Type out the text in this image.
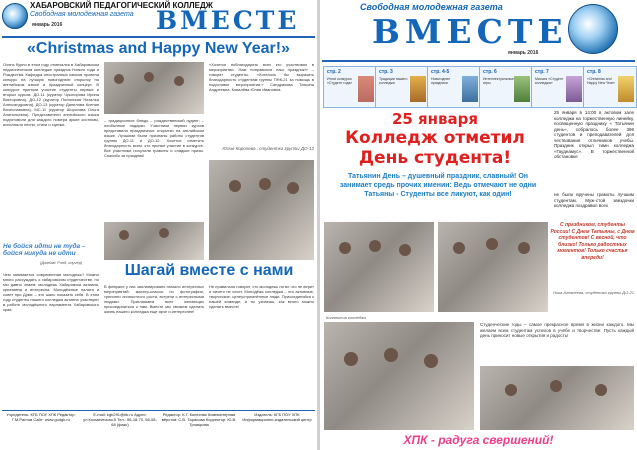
ХАБАРОВСКИЙ ПЕДАГОГИЧЕСКИЙ КОЛЛЕДЖ
Свободная молодежная газета ВМЕСТЕ
январь 2016
«Christmas and Happy New Year!»
Очень бурно в этом году отмечался в Хабаровском педагогическом колледже праздник Нового года и Рождества. Кафедра иностранных языков провела конкурс на лучшую новогоднюю открытку на английском языке и праздничный концерт. В конкурсе приняли участие студенты первых и вторых курсов. ДО-11 (куратор Чукогорова Ирина Викторовна), ДО-12 (куратор Полянская Наталья Александровна), ДО-13 (куратор Данилова Ксения Вячеславовна), МС-11 (куратор Шорохова Ольга Анатольевна). Представители английского языка подготовили для каждого номера яркие костюмы, исполняли песни, стихи и сценки.
– традиционное блюдо – рождественский пудинг; – необычные подарки. Участники первых курсов представили праздничные открытки на английском языке. Лучшими были признаны работы студентов группы ДО-11 и ДО-12. Хочется отметить благодарность всем, кто принял участие в конкурсе. Все участники получили грамоты и сладкие призы. Спасибо за праздник!
«Хочется поблагодарить всех кто участвовал в мероприятии. Нам понравился наш праздник!» – говорят студенты. «Хотелось бы выразить благодарность студентам группы ПНК-21 за помощь в подготовке мероприятия.» Сандрикова Татьяна Андреевна, Ковалёва Юлия Ивановна.
Юлия Королева , студентка группы ДО-12
Не бойся идти не туда – бойся никуда не идти
(Джеймс Рэнд, коучер)	Шагай вместе с нами
Чем занимается современная молодежь? Можно много рассуждать о хабаровском студенчестве, но мы давно знаем: молодежь Хабаровска активна, креативна и интересна. Молодёжные палата и совет при Думе – это шанс показать себя. В этом году студенты нашего колледжа активно участвуют в работе молодёжного парламента Хабаровского края.
В феврале у нас запланировано немало интересных мероприятий: мастер-классы по фотографии, тренинги личностного роста, встречи с интересными людьми. Приглашаем всех желающих присоединиться к нам. Вместе мы сможем сделать жизнь нашего колледжа еще ярче и интереснее!
Не правильно говорят, что молодежь ни во что не верит и ничего не хочет. Молодёжь колледжа – это активные, творческие, целеустремлённые люди. Присоединяйся к нашей команде, и ты узнаешь, как много можно сделать вместе!
Учредитель: КГБ ПОУ ХПК Редактор: Г.М.Растов Сайт: www.gudgk.ru
E-mail: kgb291@bk.ru Адрес: ул.Космическая,5 Тел.: 56-18-70, 56-08-68 (факс)
Редактор: К.Г. Колесник Компьютерная вёрстка: С.В. Тарасова Корректор: Ю.В. Троицкова
Издатель: КГБ ПОУ ХПК Информационно-издательский центр
Свободная молодежная газета
ВМЕСТЕ
январь 2016
стр. 2
Итоги конкурса «Студент года»
стр. 3
Традиции нашего колледжа
стр. 4-5
Новогодние праздники
стр. 6
Интеллектуальные игры
стр. 7
Миссия «Студент колледжа»
стр. 8
«Christmas and Happy New Year»
25 января
Колледж отметил
День студента!
25 января в 14:00 в актовом зале колледжа на торжественную линейку, посвященную празднику « Татьянин день», собралось более 396 студентов и преподавателей для чествования отличников учебы. Праздник открыл гимн колледжа «Гаудеамус». В торжественной обстановке
не были вручены грамоты лучшим студентам. Муж-стой звездочки колледжа поздравил всех
Татьянин День – душевный праздник, славный! Он занимает средь прочих именин: Ведь отмечают не одни Татьяны - Студенты все ликуют, как один!
С праздником, студенты России! С Днем Татьяны, с Днем студентов! С весной, что близко! Только радостных моментов! Только счастья впереди!
Коллектив колледжа
Ника Алексеева, студентка группы ДО-21
Студенческие годы – самое прекрасное время в жизни каждого. Мы желаем всем студентам успехов в учёбе и творчестве. Пусть каждый день приносит новые открытия и радость!
ХПК - радуга свершений!
